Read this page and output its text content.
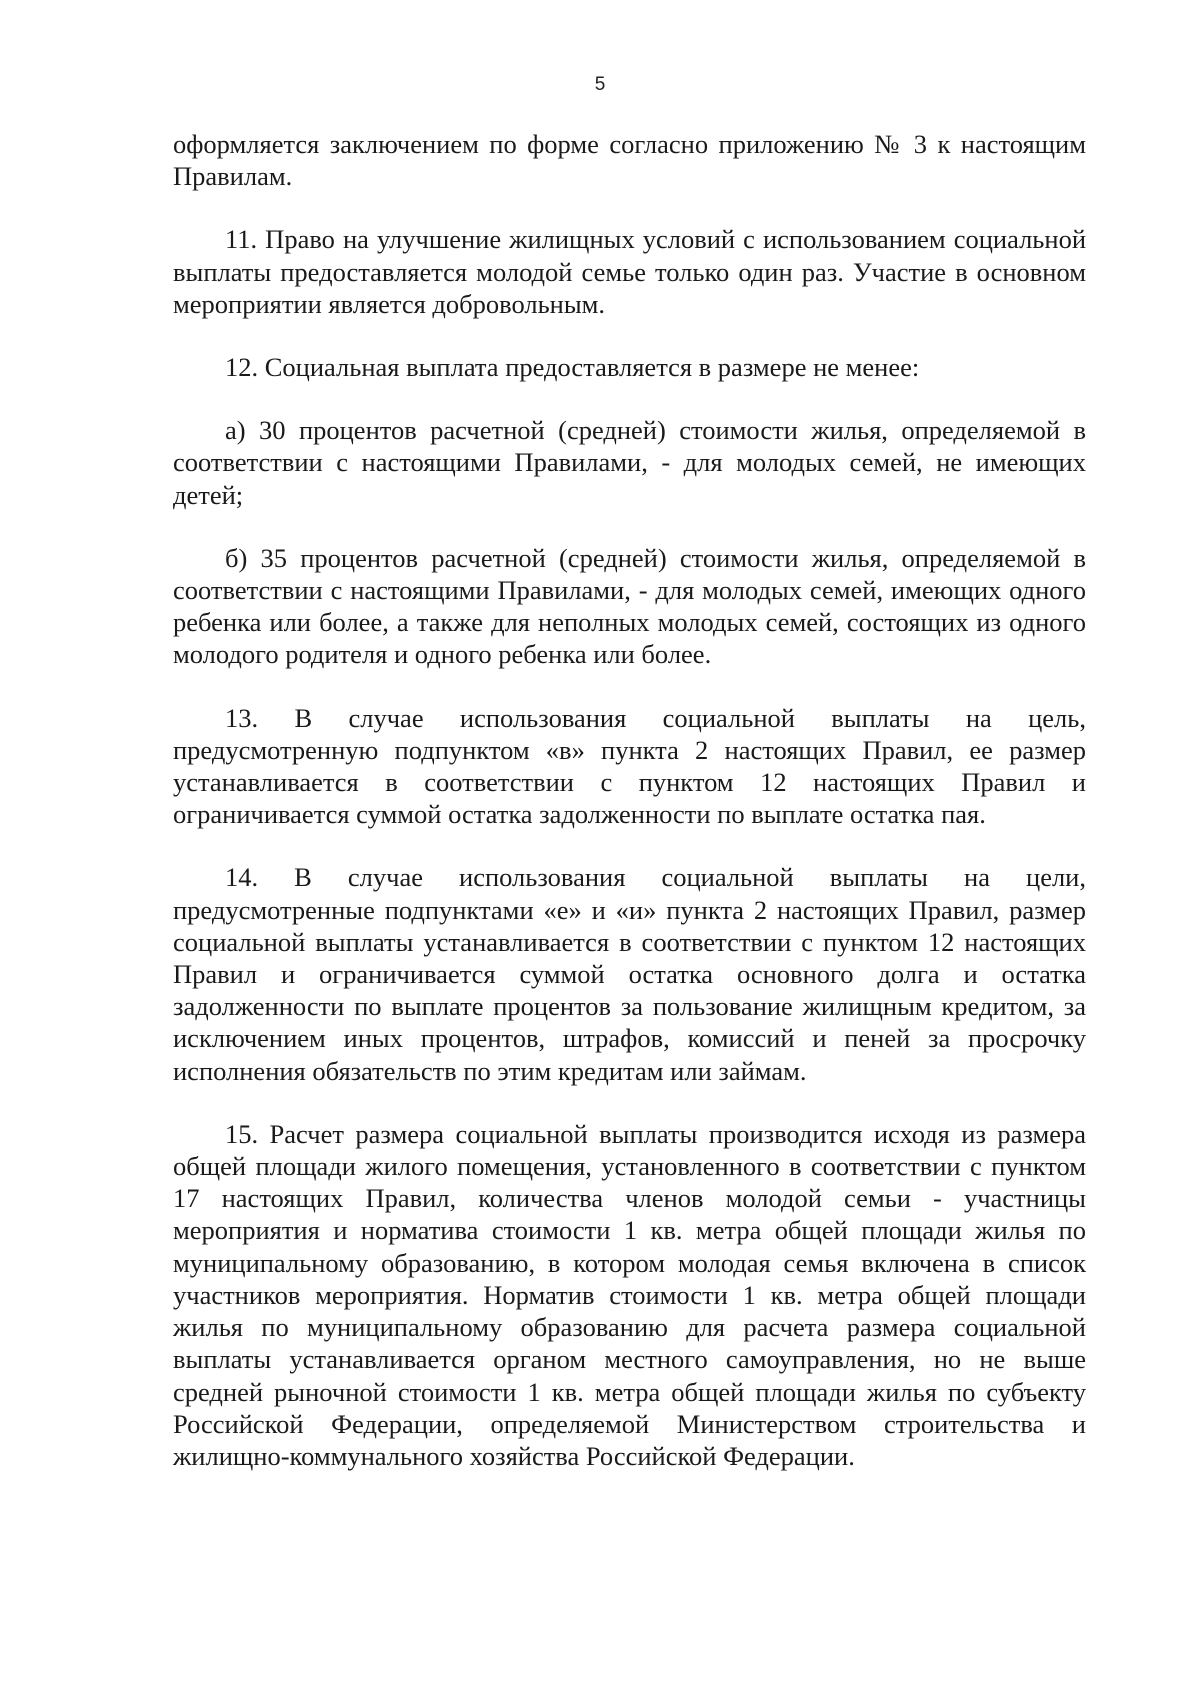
5

оформляется заключением по форме согласно приложению № 3 к настоящим Правилам.

11. Право на улучшение жилищных условий с использованием социальной выплаты предоставляется молодой семье только один раз. Участие в основном мероприятии является добровольным.

12. Социальная выплата предоставляется в размере не менее:

а) 30 процентов расчетной (средней) стоимости жилья, определяемой в соответствии с настоящими Правилами, - для молодых семей, не имеющих детей;

б) 35 процентов расчетной (средней) стоимости жилья, определяемой в соответствии с настоящими Правилами, - для молодых семей, имеющих одного ребенка или более, а также для неполных молодых семей, состоящих из одного молодого родителя и одного ребенка или более.

13. В случае использования социальной выплаты на цель, предусмотренную подпунктом «в» пункта 2 настоящих Правил, ее размер устанавливается в соответствии с пунктом 12 настоящих Правил и ограничивается суммой остатка задолженности по выплате остатка пая.

14. В случае использования социальной выплаты на цели, предусмотренные подпунктами «е» и «и» пункта 2 настоящих Правил, размер социальной выплаты устанавливается в соответствии с пунктом 12 настоящих Правил и ограничивается суммой остатка основного долга и остатка задолженности по выплате процентов за пользование жилищным кредитом, за исключением иных процентов, штрафов, комиссий и пеней за просрочку исполнения обязательств по этим кредитам или займам.

15. Расчет размера социальной выплаты производится исходя из размера общей площади жилого помещения, установленного в соответствии с пунктом 17 настоящих Правил, количества членов молодой семьи - участницы мероприятия и норматива стоимости 1 кв. метра общей площади жилья по муниципальному образованию, в котором молодая семья включена в список участников мероприятия. Норматив стоимости 1 кв. метра общей площади жилья по муниципальному образованию для расчета размера социальной выплаты устанавливается органом местного самоуправления, но не выше средней рыночной стоимости 1 кв. метра общей площади жилья по субъекту Российской Федерации, определяемой Министерством строительства и жилищно-коммунального хозяйства Российской Федерации.
